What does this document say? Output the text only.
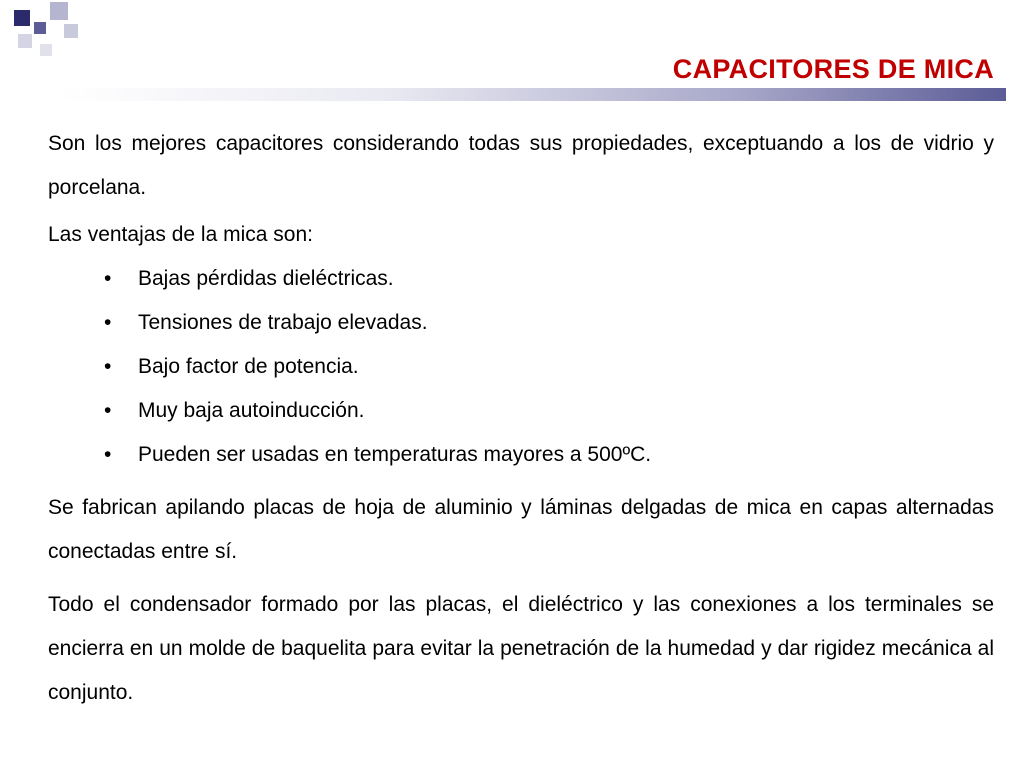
CAPACITORES DE MICA

Son los mejores capacitores considerando todas sus propiedades, exceptuando a los de vidrio y porcelana.

Las ventajas de la mica son:

• Bajas pérdidas dieléctricas.
• Tensiones de trabajo elevadas.
• Bajo factor de potencia.
• Muy baja autoinducción.
• Pueden ser usadas en temperaturas mayores a 500ºC.

Se fabrican apilando placas de hoja de aluminio y láminas delgadas de mica en capas alternadas conectadas entre sí.

Todo el condensador formado por las placas, el dieléctrico y las conexiones a los terminales se encierra en un molde de baquelita para evitar la penetración de la humedad y dar rigidez mecánica al conjunto.
